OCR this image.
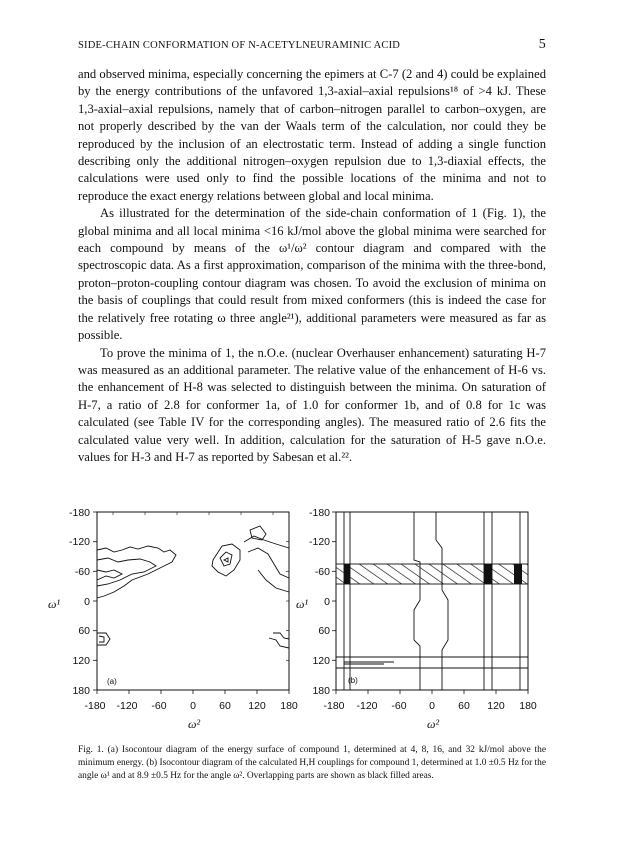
SIDE-CHAIN CONFORMATION OF N-ACETYLNEURAMINIC ACID	5

and observed minima, especially concerning the epimers at C-7 (2 and 4) could be explained by the energy contributions of the unfavored 1,3-axial–axial repulsions¹⁸ of >4 kJ. These 1,3-axial–axial repulsions, namely that of carbon–nitrogen parallel to carbon–oxygen, are not properly described by the van der Waals term of the calculation, nor could they be reproduced by the inclusion of an electrostatic term. Instead of adding a single function describing only the additional nitrogen–oxygen repulsion due to 1,3-diaxial effects, the calculations were used only to find the possible locations of the minima and not to reproduce the exact energy relations between global and local minima.

As illustrated for the determination of the side-chain conformation of 1 (Fig. 1), the global minima and all local minima <16 kJ/mol above the global minima were searched for each compound by means of the ω¹/ω² contour diagram and compared with the spectroscopic data. As a first approximation, comparison of the minima with the three-bond, proton–proton-coupling contour diagram was chosen. To avoid the exclusion of minima on the basis of couplings that could result from mixed conformers (this is indeed the case for the relatively free rotating ω three angle²¹), additional parameters were measured as far as possible.

To prove the minima of 1, the n.O.e. (nuclear Overhauser enhancement) saturating H-7 was measured as an additional parameter. The relative value of the enhancement of H-6 vs. the enhancement of H-8 was selected to distinguish between the minima. On saturation of H-7, a ratio of 2.8 for conformer 1a, of 1.0 for conformer 1b, and of 0.8 for 1c was calculated (see Table IV for the corresponding angles). The measured ratio of 2.6 fits the calculated value very well. In addition, calculation for the saturation of H-5 gave n.O.e. values for H-3 and H-7 as reported by Sabesan et al.²².

(a)
-180
-120
-60
0
60
120
180
ω¹
-180 -120 -60 0 60 120 180
ω²
(b)
-180
-120
-60
0
60
120
180
ω¹
-180 -120 -60 0 60 120 180
ω²
Fig. 1. (a) Isocontour diagram of the energy surface of compound 1, determined at 4, 8, 16, and 32 kJ/mol above the minimum energy. (b) Isocontour diagram of the calculated H,H couplings for compound 1, determined at 1.0 ±0.5 Hz for the angle ω¹ and at 8.9 ±0.5 Hz for the angle ω². Overlapping parts are shown as black filled areas.
